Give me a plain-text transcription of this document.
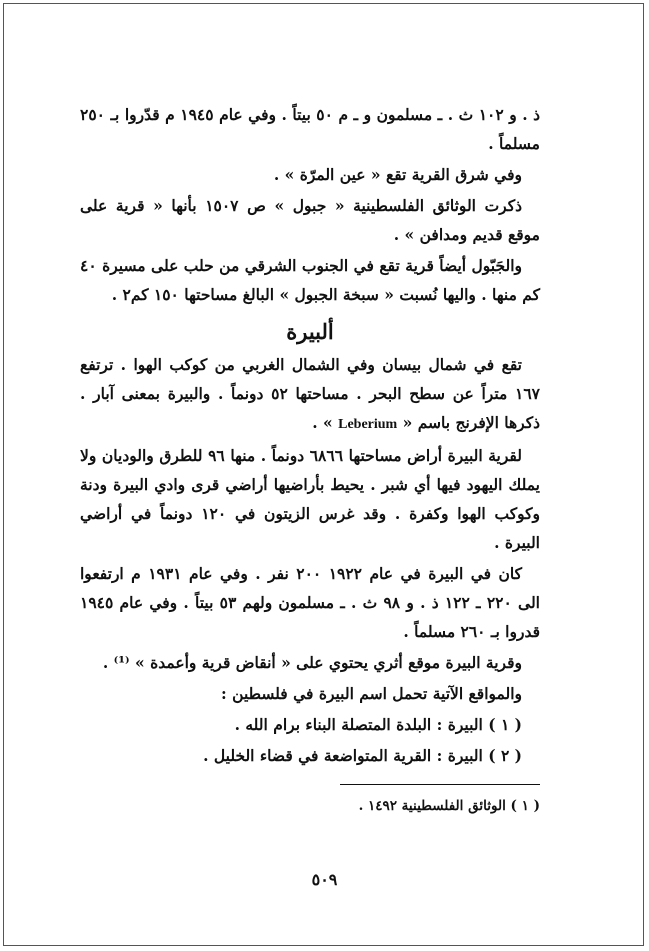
ذ . و ١٠٢ ث . ـ مسلمون و ـ م ٥٠ بيتاً . وفي عام ١٩٤٥ م قدّروا بـ ٢٥٠ مسلماً .

وفي شرق القرية تقع « عين المرّة » .

ذكرت الوثائق الفلسطينية « جبول » ص ١٥٠٧ بأنها « قرية على موقع قديم ومدافن » .

والجَبّول أيضاً قرية تقع في الجنوب الشرقي من حلب على مسيرة ٤٠ كم منها . واليها نُسبت « سبخة الجبول » البالغ مساحتها ١٥٠ كم٢ .

ألبيرة

تقع في شمال بيسان وفي الشمال الغربي من كوكب الهوا . ترتفع ١٦٧ متراً عن سطح البحر . مساحتها ٥٢ دونماً . والبيرة بمعنى آبار . ذكرها الإفرنج باسم « Leberium » .

لقرية البيرة أراض مساحتها ٦٨٦٦ دونماً . منها ٩٦ للطرق والوديان ولا يملك اليهود فيها أي شبر . يحيط بأراضيها أراضي قرى وادي البيرة ودنة وكوكب الهوا وكفرة . وقد غرس الزيتون في ١٢٠ دونماً في أراضي البيرة .

كان في البيرة في عام ١٩٢٢ ٢٠٠ نفر . وفي عام ١٩٣١ م ارتفعوا الى ٢٢٠ ـ ١٢٢ ذ . و ٩٨ ث . ـ مسلمون ولهم ٥٣ بيتاً . وفي عام ١٩٤٥ قدروا بـ ٢٦٠ مسلماً .

وقرية البيرة موقع أثري يحتوي على « أنقاض قرية وأعمدة » ⁽¹⁾ .

والمواقع الآتية تحمل اسم البيرة في فلسطين :

( ١ ) البيرة : البلدة المتصلة البناء برام الله .

( ٢ ) البيرة : القرية المتواضعة في قضاء الخليل .

( ١ ) الوثائق الفلسطينية ١٤٩٢ .

٥٠٩
